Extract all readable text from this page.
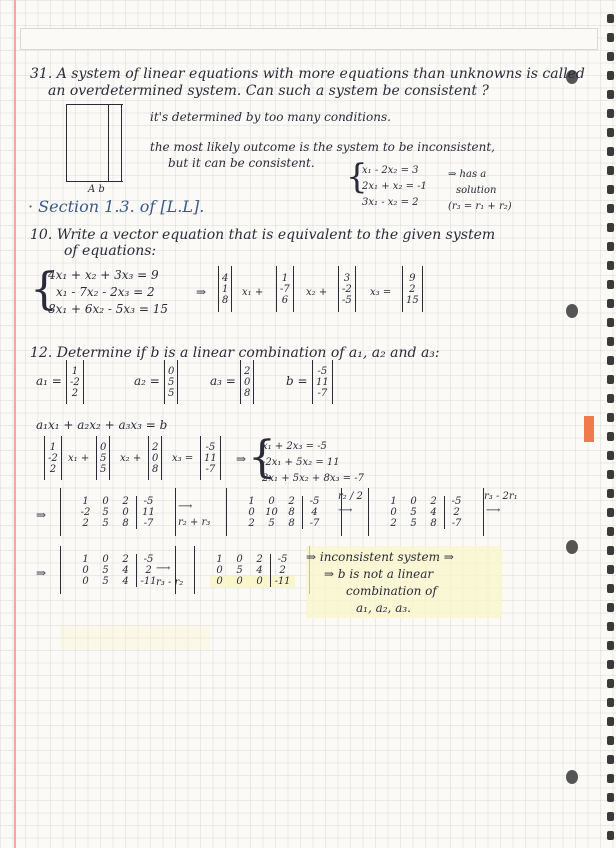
31. A system of linear equations with more equations than unknowns is called
an overdetermined system. Can such a system be consistent ?
A b
it's determined by too many conditions.
the most likely outcome is the system to be inconsistent,
but it can be consistent. {
x₁ - 2x₂ = 3
2x₁ + x₂ = -1
3x₁ - x₂ = 2
⇒ has a
solution
(r₃ = r₁ + r₂)
· Section 1.3. of [L.L].
10. Write a vector equation that is equivalent to the given system
of equations:
{
4x₁ + x₂ + 3x₃ = 9
x₁ - 7x₂ - 2x₃ = 2
8x₁ + 6x₂ - 5x₃ = 15
⇒
4
1
8
x₁ +
1
-7
6
x₂ +
3
-2
-5
x₃ =
9
2
15
12. Determine if b is a linear combination of a₁, a₂ and a₃:
a₁ =
1
-2
2
a₂ =
0
5
5
a₃ =
2
0
8
b =
-5
11
-7
a₁x₁ + a₂x₂ + a₃x₃ = b
1
-2
2
x₁ +
0
5
5
x₂ +
2
0
8
x₃ =
-5
11
-7
⇒ {
x₁ + 2x₃ = -5
-2x₁ + 5x₂ = 11
2x₁ + 5x₂ + 8x₃ = -7
⇒
1 0 2 -5
-2 5 0 11
2 5 8 -7
⟶
r₂ + r₃
1 0 2 -5
0 10 8 4
2 5 8 -7
r₂ / 2
⟶
1 0 2 -5
0 5 4 2
2 5 8 -7
r₃ - 2r₁
⟶
⇒
1 0 2 -5
0 5 4 2
0 5 4 -11
⟶
r₃ - r₂
1 0 2 -5
0 5 4 2
0 0 0 -11
⇒ inconsistent system ⇒
⇒ b is not a linear
combination of
a₁, a₂, a₃.
